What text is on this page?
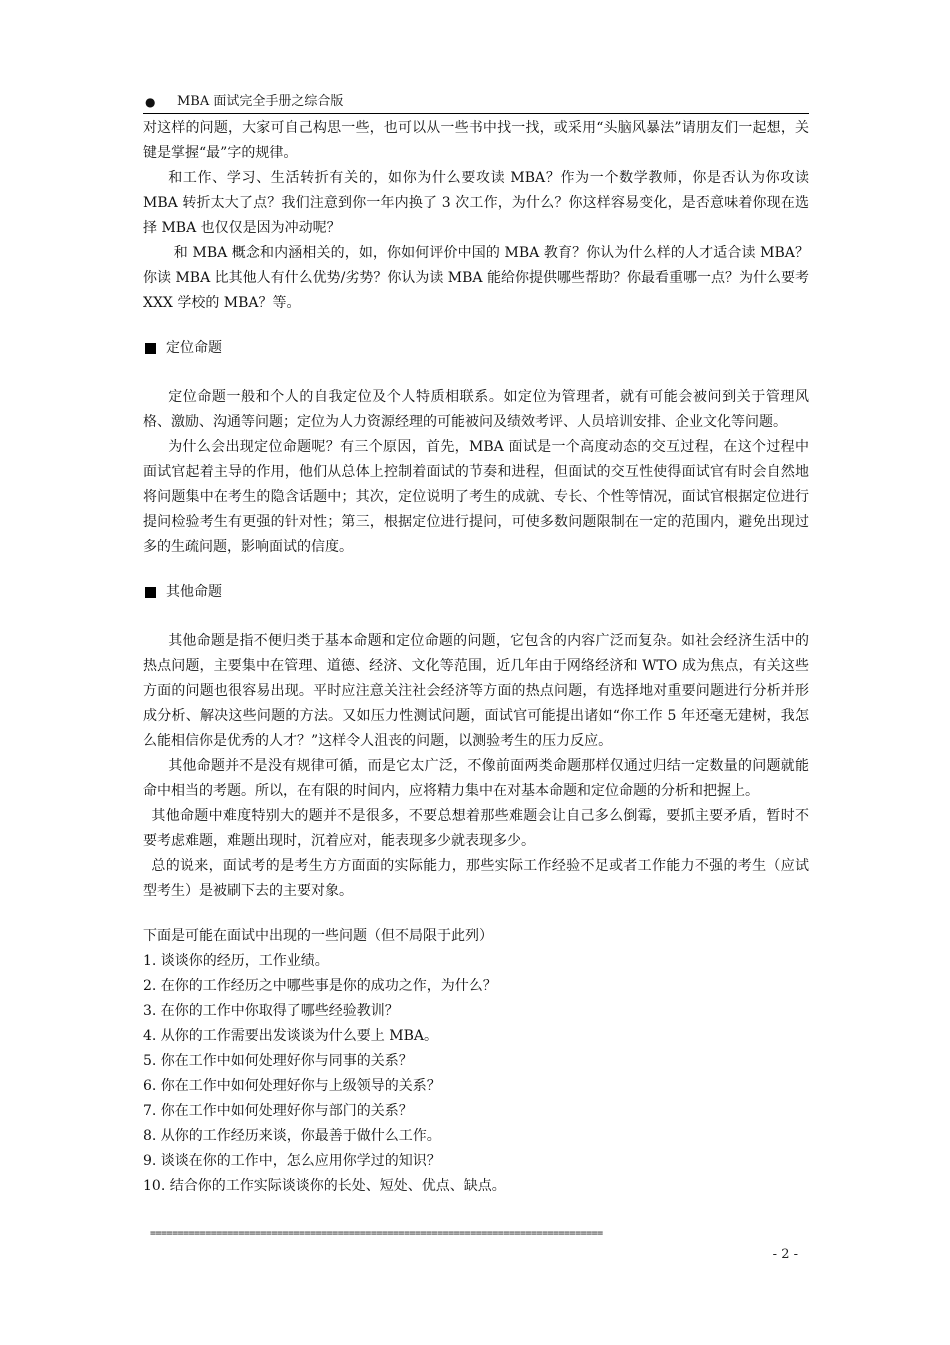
● MBA 面试完全手册之综合版

对这样的问题，大家可自己构思一些，也可以从一些书中找一找，或采用“头脑风暴法”请朋友们一起想，关键是掌握“最”字的规律。

和工作、学习、生活转折有关的，如你为什么要攻读 MBA？作为一个数学教师，你是否认为你攻读 MBA 转折太大了点？我们注意到你一年内换了 3 次工作，为什么？你这样容易变化，是否意味着你现在选择 MBA 也仅仅是因为冲动呢？

和 MBA 概念和内涵相关的，如，你如何评价中国的 MBA 教育？你认为什么样的人才适合读 MBA？你读 MBA 比其他人有什么优势/劣势？你认为读 MBA 能给你提供哪些帮助？你最看重哪一点？为什么要考 XXX 学校的 MBA？等。

定位命题

定位命题一般和个人的自我定位及个人特质相联系。如定位为管理者，就有可能会被问到关于管理风格、激励、沟通等问题；定位为人力资源经理的可能被问及绩效考评、人员培训安排、企业文化等问题。

为什么会出现定位命题呢？有三个原因，首先，MBA 面试是一个高度动态的交互过程，在这个过程中面试官起着主导的作用，他们从总体上控制着面试的节奏和进程，但面试的交互性使得面试官有时会自然地将问题集中在考生的隐含话题中；其次，定位说明了考生的成就、专长、个性等情况，面试官根据定位进行提问检验考生有更强的针对性；第三，根据定位进行提问，可使多数问题限制在一定的范围内，避免出现过多的生疏问题，影响面试的信度。

其他命题

其他命题是指不便归类于基本命题和定位命题的问题，它包含的内容广泛而复杂。如社会经济生活中的热点问题，主要集中在管理、道德、经济、文化等范围，近几年由于网络经济和 WTO 成为焦点，有关这些方面的问题也很容易出现。平时应注意关注社会经济等方面的热点问题，有选择地对重要问题进行分析并形成分析、解决这些问题的方法。又如压力性测试问题，面试官可能提出诸如“你工作 5 年还毫无建树，我怎么能相信你是优秀的人才？”这样令人沮丧的问题，以测验考生的压力反应。

其他命题并不是没有规律可循，而是它太广泛，不像前面两类命题那样仅通过归结一定数量的问题就能命中相当的考题。所以，在有限的时间内，应将精力集中在对基本命题和定位命题的分析和把握上。

其他命题中难度特别大的题并不是很多，不要总想着那些难题会让自己多么倒霉，要抓主要矛盾，暂时不要考虑难题，难题出现时，沉着应对，能表现多少就表现多少。

总的说来，面试考的是考生方方面面的实际能力，那些实际工作经验不足或者工作能力不强的考生（应试型考生）是被刷下去的主要对象。

下面是可能在面试中出现的一些问题（但不局限于此列）

1. 谈谈你的经历，工作业绩。
2. 在你的工作经历之中哪些事是你的成功之作，为什么？
3. 在你的工作中你取得了哪些经验教训？
4. 从你的工作需要出发谈谈为什么要上 MBA。
5. 你在工作中如何处理好你与同事的关系？
6. 你在工作中如何处理好你与上级领导的关系？
7. 你在工作中如何处理好你与部门的关系？
8. 从你的工作经历来谈，你最善于做什么工作。
9. 谈谈在你的工作中，怎么应用你学过的知识？
10. 结合你的工作实际谈谈你的长处、短处、优点、缺点。
==================================================================================
- 2 -
